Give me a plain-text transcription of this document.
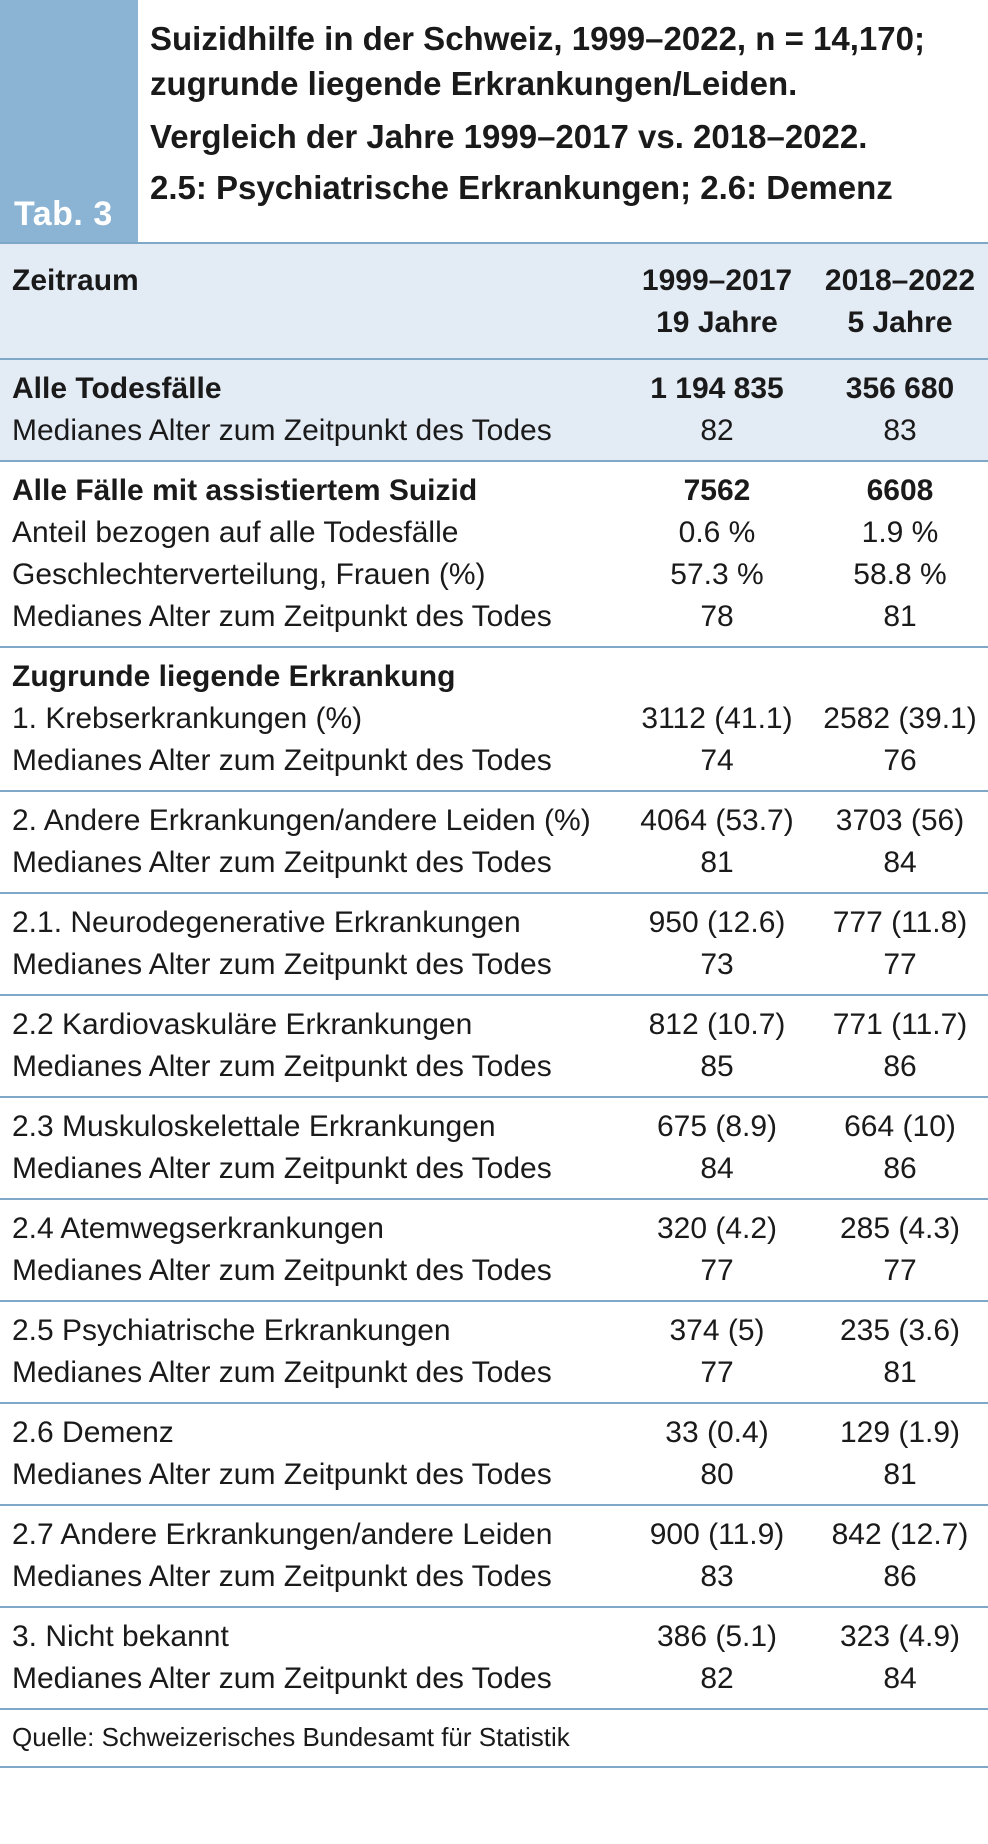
Tab. 3
Suizidhilfe in der Schweiz, 1999–2022, n = 14,170;
zugrunde liegende Erkrankungen/Leiden.
Vergleich der Jahre 1999–2017 vs. 2018–2022.
2.5: Psychiatrische Erkrankungen; 2.6: Demenz
Zeitraum	1999–2017	2018–2022
19 Jahre	5 Jahre
Alle Todesfälle	1 194 835	356 680
Medianes Alter zum Zeitpunkt des Todes	82	83
Alle Fälle mit assistiertem Suizid	7562	6608
Anteil bezogen auf alle Todesfälle	0.6 %	1.9 %
Geschlechterverteilung, Frauen (%)	57.3 %	58.8 %
Medianes Alter zum Zeitpunkt des Todes	78	81
Zugrunde liegende Erkrankung
1. Krebserkrankungen (%)	3112 (41.1)	2582 (39.1)
Medianes Alter zum Zeitpunkt des Todes	74	76
2. Andere Erkrankungen/andere Leiden (%)	4064 (53.7)	3703 (56)
Medianes Alter zum Zeitpunkt des Todes	81	84
2.1. Neurodegenerative Erkrankungen	950 (12.6)	777 (11.8)
Medianes Alter zum Zeitpunkt des Todes	73	77
2.2 Kardiovaskuläre Erkrankungen	812 (10.7)	771 (11.7)
Medianes Alter zum Zeitpunkt des Todes	85	86
2.3 Muskuloskelettale Erkrankungen	675 (8.9)	664 (10)
Medianes Alter zum Zeitpunkt des Todes	84	86
2.4 Atemwegserkrankungen	320 (4.2)	285 (4.3)
Medianes Alter zum Zeitpunkt des Todes	77	77
2.5 Psychiatrische Erkrankungen	374 (5)	235 (3.6)
Medianes Alter zum Zeitpunkt des Todes	77	81
2.6 Demenz	33 (0.4)	129 (1.9)
Medianes Alter zum Zeitpunkt des Todes	80	81
2.7 Andere Erkrankungen/andere Leiden	900 (11.9)	842 (12.7)
Medianes Alter zum Zeitpunkt des Todes	83	86
3. Nicht bekannt	386 (5.1)	323 (4.9)
Medianes Alter zum Zeitpunkt des Todes	82	84
Quelle: Schweizerisches Bundesamt für Statistik
